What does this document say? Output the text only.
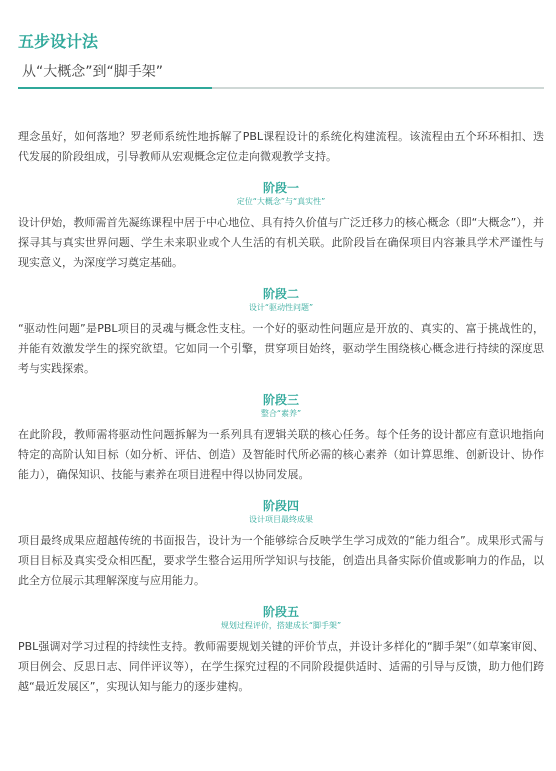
五步设计法
从“大概念”到“脚手架”

理念虽好，如何落地？罗老师系统性地拆解了PBL课程设计的系统化构建流程。该流程由五个环环相扣、迭代发展的阶段组成，引导教师从宏观概念定位走向微观教学支持。

阶段一
定位“大概念”与“真实性”
设计伊始，教师需首先凝练课程中居于中心地位、具有持久价值与广泛迁移力的核心概念（即“大概念”），并探寻其与真实世界问题、学生未来职业或个人生活的有机关联。此阶段旨在确保项目内容兼具学术严谨性与现实意义，为深度学习奠定基础。
阶段二
设计“驱动性问题”
“驱动性问题”是PBL项目的灵魂与概念性支柱。一个好的驱动性问题应是开放的、真实的、富于挑战性的，并能有效激发学生的探究欲望。它如同一个引擎，贯穿项目始终，驱动学生围绕核心概念进行持续的深度思考与实践探索。
阶段三
整合“素养”
在此阶段，教师需将驱动性问题拆解为一系列具有逻辑关联的核心任务。每个任务的设计都应有意识地指向特定的高阶认知目标（如分析、评估、创造）及智能时代所必需的核心素养（如计算思维、创新设计、协作能力），确保知识、技能与素养在项目进程中得以协同发展。
阶段四
设计项目最终成果
项目最终成果应超越传统的书面报告，设计为一个能够综合反映学生学习成效的“能力组合”。成果形式需与项目目标及真实受众相匹配，要求学生整合运用所学知识与技能，创造出具备实际价值或影响力的作品，以此全方位展示其理解深度与应用能力。
阶段五
规划过程评价，搭建成长“脚手架”
PBL强调对学习过程的持续性支持。教师需要规划关键的评价节点，并设计多样化的“脚手架”（如草案审阅、项目例会、反思日志、同伴评议等），在学生探究过程的不同阶段提供适时、适需的引导与反馈，助力他们跨越“最近发展区”，实现认知与能力的逐步建构。
